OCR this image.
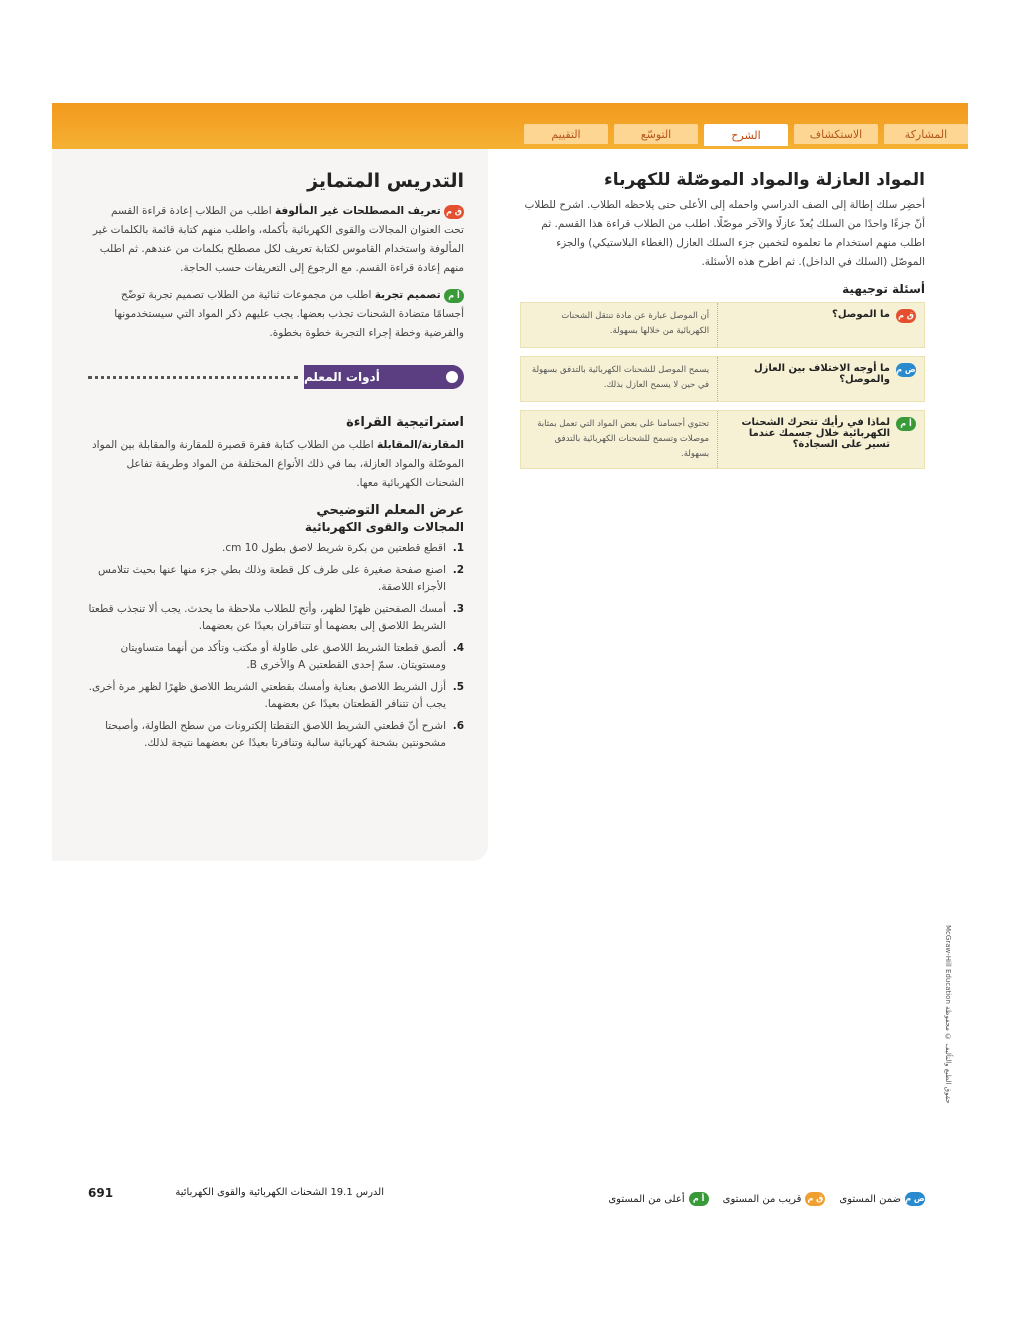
المشاركة
الاستكشاف
الشرح
التوسّع
التقييم
المواد العازلة والمواد الموصّلة للكهرباء

أحضِر سلك إطالة إلى الصف الدراسي واحمله إلى الأعلى حتى يلاحظه الطلاب. اشرح للطلاب أنّ جزءًا واحدًا من السلك يُعدّ عازلًا والآخر موصّلًا. اطلب من الطلاب قراءة هذا القسم. ثم اطلب منهم استخدام ما تعلموه لتخمين جزء السلك العازل (الغطاء البلاستيكي) والجزء الموصّل (السلك في الداخل). ثم اطرح هذه الأسئلة.

أسئلة توجيهية
ق م
ما الموصل؟
أن الموصل عبارة عن مادة تنتقل الشحنات الكهربائية من خلالها بسهولة.
ض م
ما أوجه الاختلاف بين العازل والموصل؟
يسمح الموصل للشحنات الكهربائية بالتدفق بسهولة في حين لا يسمح العازل بذلك.
أ م
لماذا في رأيك تتحرك الشحنات الكهربائية خلال جسمك عندما تسير على السجادة؟
تحتوي أجسامنا على بعض المواد التي تعمل بمثابة موصلات وتسمح للشحنات الكهربائية بالتدفق بسهولة.
التدريس المتمايز

ق م تعريف المصطلحات غير المألوفة اطلب من الطلاب إعادة قراءة القسم تحت العنوان المجالات والقوى الكهربائية بأكمله، واطلب منهم كتابة قائمة بالكلمات غير المألوفة واستخدام القاموس لكتابة تعريف لكل مصطلح بكلمات من عندهم. ثم اطلب منهم إعادة قراءة القسم. مع الرجوع إلى التعريفات حسب الحاجة.

أ م تصميم تجربة اطلب من مجموعات ثنائية من الطلاب تصميم تجربة توضّح أجسامًا متضادة الشحنات تجذب بعضها. يجب عليهم ذكر المواد التي سيستخدمونها والفرضية وخطة إجراء التجربة خطوة بخطوة.

أدوات المعلم
استراتيجية القراءة

المقارنة/المقابلة اطلب من الطلاب كتابة فقرة قصيرة للمقارنة والمقابلة بين المواد الموصّلة والمواد العازلة، بما في ذلك الأنواع المختلفة من المواد وطريقة تفاعل الشحنات الكهربائية معها.

عرض المعلم التوضيحي
المجالات والقوى الكهربائية
1.
اقطع قطعتين من بكرة شريط لاصق بطول 10 cm.
2.
اصنع صفحة صغيرة على طرف كل قطعة وذلك بطي جزء منها عنها بحيث تتلامس الأجزاء اللاصقة.
3.
أمسك الصفحتين ظهرًا لظهر، وأتح للطلاب ملاحظة ما يحدث. يجب ألا تنجذب قطعتا الشريط اللاصق إلى بعضهما أو تتنافران بعيدًا عن بعضهما.
4.
ألصق قطعتا الشريط اللاصق على طاولة أو مكتب وتأكد من أنهما متساويتان ومستويتان. سمّ إحدى القطعتين A والأخرى B.
5.
أزل الشريط اللاصق بعناية وأمسك بقطعتي الشريط اللاصق ظهرًا لظهر مرة أخرى. يجب أن تتنافر القطعتان بعيدًا عن بعضهما.
6.
اشرح أنّ قطعتي الشريط اللاصق التقطتا إلكترونات من سطح الطاولة، وأصبحتا مشحونتين بشحنة كهربائية سالبة وتنافرتا بعيدًا عن بعضهما نتيجة لذلك.
McGraw-Hill Education حقوق الطبع والتأليف © محفوظة
ض م
ضمن المستوى
ق م
قريب من المستوى
أ م
أعلى من المستوى
الدرس 19.1 الشحنات الكهربائية والقوى الكهربائية
691
